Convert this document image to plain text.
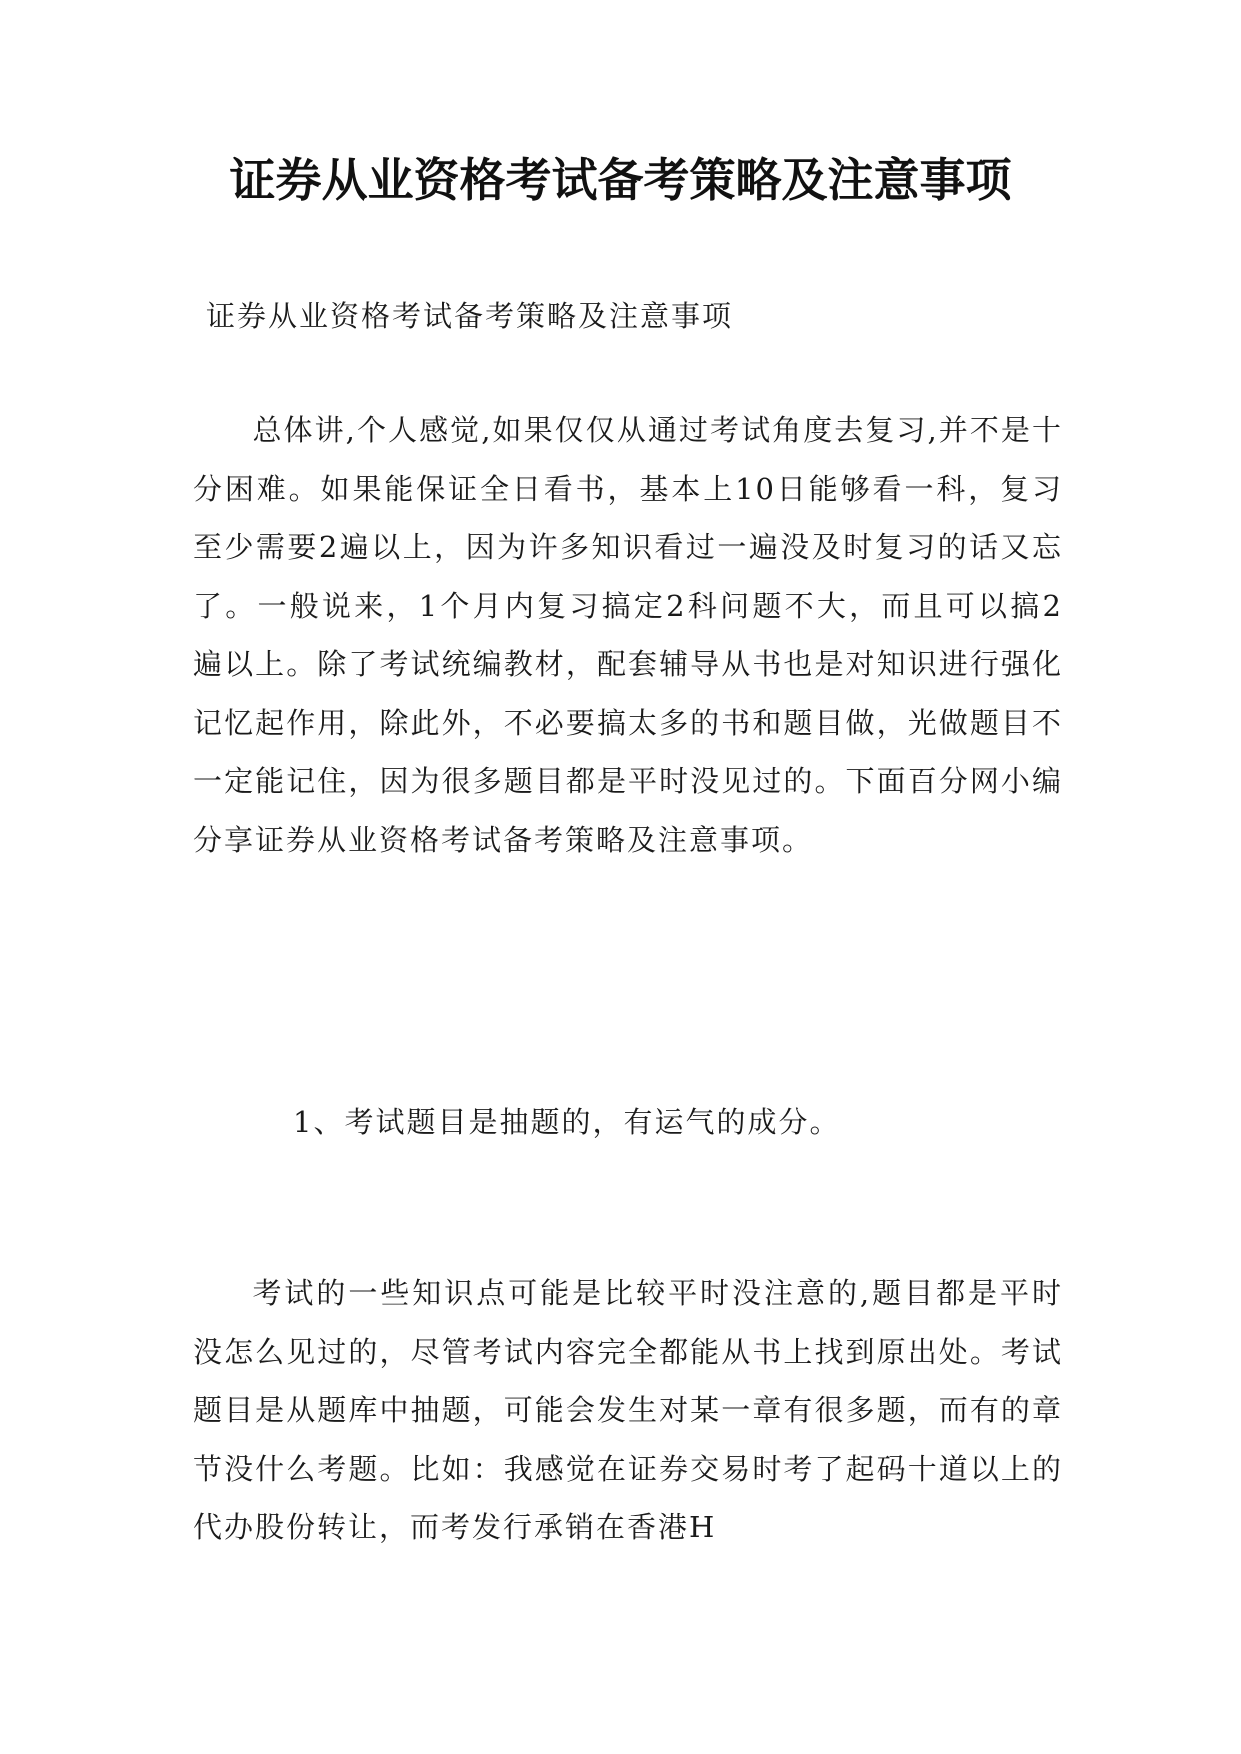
证券从业资格考试备考策略及注意事项

证券从业资格考试备考策略及注意事项

总体讲,个人感觉,如果仅仅从通过考试角度去复习,并不是十分困难。如果能保证全日看书，基本上10日能够看一科，复习至少需要2遍以上，因为许多知识看过一遍没及时复习的话又忘了。一般说来，1个月内复习搞定2科问题不大，而且可以搞2 遍以上。除了考试统编教材，配套辅导从书也是对知识进行强化记忆起作用，除此外，不必要搞太多的书和题目做，光做题目不一定能记住，因为很多题目都是平时没见过的。下面百分网小编分享证券从业资格考试备考策略及注意事项。

1、考试题目是抽题的，有运气的成分。

考试的一些知识点可能是比较平时没注意的,题目都是平时没怎么见过的，尽管考试内容完全都能从书上找到原出处。考试题目是从题库中抽题，可能会发生对某一章有很多题，而有的章节没什么考题。比如：我感觉在证券交易时考了起码十道以上的代办股份转让，而考发行承销在香港H
